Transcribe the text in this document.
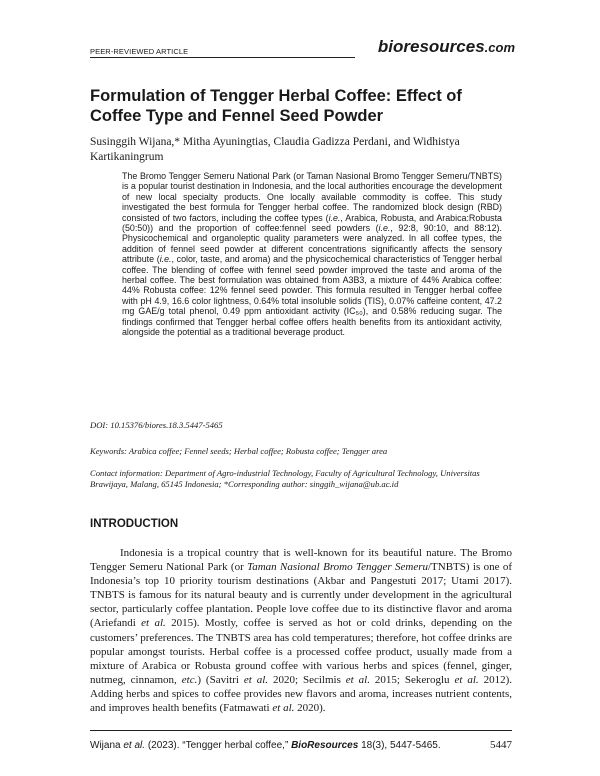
PEER-REVIEWED ARTICLE	bioresources.com
Formulation of Tengger Herbal Coffee: Effect of Coffee Type and Fennel Seed Powder

Susinggih Wijana,* Mitha Ayuningtias, Claudia Gadizza Perdani, and Widhistya Kartikaningrum

The Bromo Tengger Semeru National Park (or Taman Nasional Bromo Tengger Semeru/TNBTS) is a popular tourist destination in Indonesia, and the local authorities encourage the development of new local specialty products. One locally available commodity is coffee. This study investigated the best formula for Tengger herbal coffee. The randomized block design (RBD) consisted of two factors, including the coffee types (i.e., Arabica, Robusta, and Arabica:Robusta (50:50)) and the proportion of coffee:fennel seed powders (i.e., 92:8, 90:10, and 88:12). Physicochemical and organoleptic quality parameters were analyzed. In all coffee types, the addition of fennel seed powder at different concentrations significantly affects the sensory attribute (i.e., color, taste, and aroma) and the physicochemical characteristics of Tengger herbal coffee. The blending of coffee with fennel seed powder improved the taste and aroma of the herbal coffee. The best formulation was obtained from A3B3, a mixture of 44% Arabica coffee: 44% Robusta coffee: 12% fennel seed powder. This formula resulted in Tengger herbal coffee with pH 4.9, 16.6 color lightness, 0.64% total insoluble solids (TIS), 0.07% caffeine content, 47.2 mg GAE/g total phenol, 0.49 ppm antioxidant activity (IC₅₀), and 0.58% reducing sugar. The findings confirmed that Tengger herbal coffee offers health benefits from its antioxidant activity, alongside the potential as a traditional beverage product.

DOI: 10.15376/biores.18.3.5447-5465

Keywords: Arabica coffee; Fennel seeds; Herbal coffee; Robusta coffee; Tengger area

Contact information: Department of Agro-industrial Technology, Faculty of Agricultural Technology, Universitas Brawijaya, Malang, 65145 Indonesia; *Corresponding author: singgih_wijana@ub.ac.id

INTRODUCTION

Indonesia is a tropical country that is well-known for its beautiful nature. The Bromo Tengger Semeru National Park (or Taman Nasional Bromo Tengger Semeru/TNBTS) is one of Indonesia’s top 10 priority tourism destinations (Akbar and Pangestuti 2017; Utami 2017). TNBTS is famous for its natural beauty and is currently under development in the agricultural sector, particularly coffee plantation. People love coffee due to its distinctive flavor and aroma (Ariefandi et al. 2015). Mostly, coffee is served as hot or cold drinks, depending on the customers’ preferences. The TNBTS area has cold temperatures; therefore, hot coffee drinks are popular amongst tourists. Herbal coffee is a processed coffee product, usually made from a mixture of Arabica or Robusta ground coffee with various herbs and spices (fennel, ginger, nutmeg, cinnamon, etc.) (Savitri et al. 2020; Secilmis et al. 2015; Sekeroglu et al. 2012). Adding herbs and spices to coffee provides new flavors and aroma, increases nutrient contents, and improves health benefits (Fatmawati et al. 2020).

Wijana et al. (2023). “Tengger herbal coffee,” BioResources 18(3), 5447-5465.	5447
